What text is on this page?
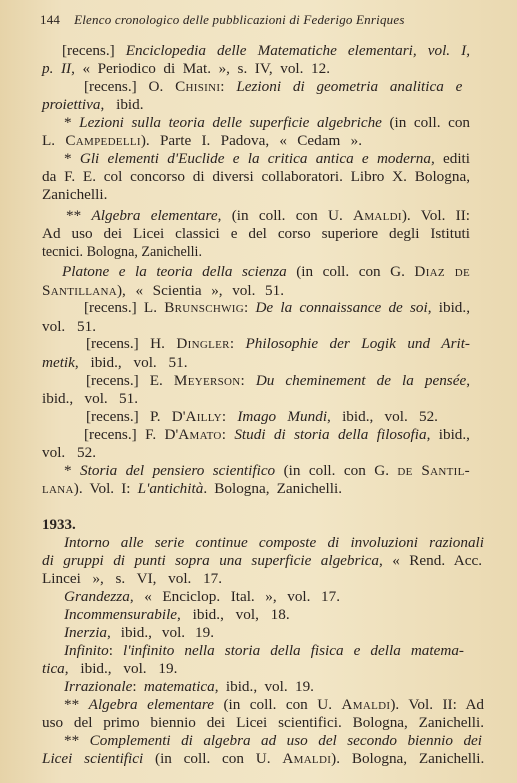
144 Elenco cronologico delle pubblicazioni di Federigo Enriques
[recens.] Enciclopedia delle Matematiche elementari, vol. I,
p. II, « Periodico di Mat. », s. IV, vol. 12.
[recens.] O. Chisini: Lezioni di geometria analitica e
proiettiva, ibid.
* Lezioni sulla teoria delle superficie algebriche (in coll. con
L. Campedelli). Parte I. Padova, « Cedam ».
* Gli elementi d'Euclide e la critica antica e moderna, editi
da F. E. col concorso di diversi collaboratori. Libro X. Bologna,
Zanichelli.
** Algebra elementare, (in coll. con U. Amaldi). Vol. II:
Ad uso dei Licei classici e del corso superiore degli Istituti
tecnici. Bologna, Zanichelli.
Platone e la teoria della scienza (in coll. con G. Diaz de
Santillana), « Scientia », vol. 51.
[recens.] L. Brunschwig: De la connaissance de soi, ibid.,
vol. 51.
[recens.] H. Dingler: Philosophie der Logik und Arit-
metik, ibid., vol. 51.
[recens.] E. Meyerson: Du cheminement de la pensée,
ibid., vol. 51.
[recens.] P. D'Ailly: Imago Mundi, ibid., vol. 52.
[recens.] F. D'Amato: Studi di storia della filosofia, ibid.,
vol. 52.
* Storia del pensiero scientifico (in coll. con G. de Santil-
lana). Vol. I: L'antichità. Bologna, Zanichelli.
1933.
Intorno alle serie continue composte di involuzioni razionali
di gruppi di punti sopra una superficie algebrica, « Rend. Acc.
Lincei », s. VI, vol. 17.
Grandezza, « Enciclop. Ital. », vol. 17.
Incommensurabile, ibid., vol, 18.
Inerzia, ibid., vol. 19.
Infinito: l'infinito nella storia della fisica e della matema-
tica, ibid., vol. 19.
Irrazionale: matematica, ibid., vol. 19.
** Algebra elementare (in coll. con U. Amaldi). Vol. II: Ad
uso del primo biennio dei Licei scientifici. Bologna, Zanichelli.
** Complementi di algebra ad uso del secondo biennio dei
Licei scientifici (in coll. con U. Amaldi). Bologna, Zanichelli.
